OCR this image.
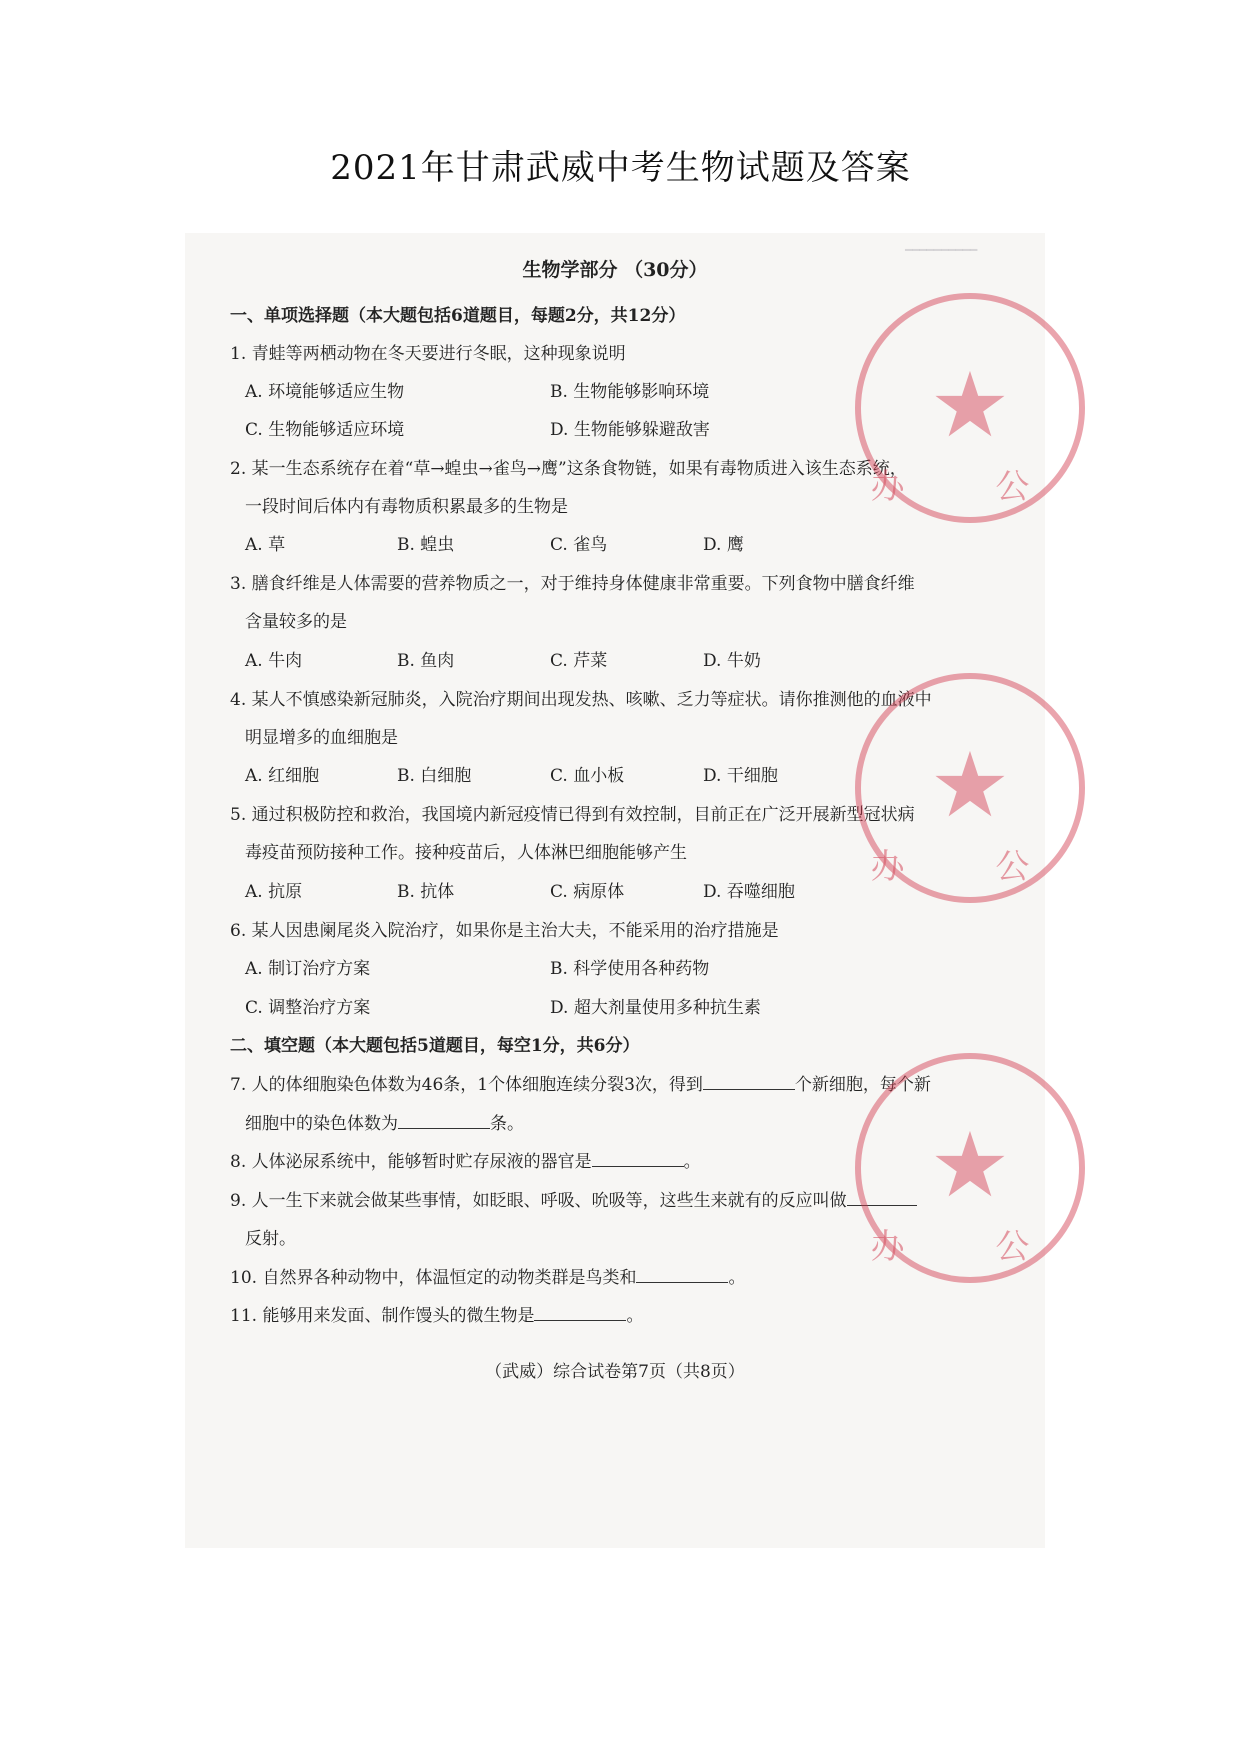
2021年甘肃武威中考生物试题及答案
━━━━━━━━━━
生物学部分 （30分）
一、单项选择题（本大题包括6道题目，每题2分，共12分）
1. 青蛙等两栖动物在冬天要进行冬眠，这种现象说明
A. 环境能够适应生物	B. 生物能够影响环境
C. 生物能够适应环境	D. 生物能够躲避敌害
2. 某一生态系统存在着“草→蝗虫→雀鸟→鹰”这条食物链，如果有毒物质进入该生态系统，
一段时间后体内有毒物质积累最多的生物是
A. 草	B. 蝗虫	C. 雀鸟	D. 鹰
3. 膳食纤维是人体需要的营养物质之一，对于维持身体健康非常重要。下列食物中膳食纤维
含量较多的是
A. 牛肉	B. 鱼肉	C. 芹菜	D. 牛奶
4. 某人不慎感染新冠肺炎，入院治疗期间出现发热、咳嗽、乏力等症状。请你推测他的血液中
明显增多的血细胞是
A. 红细胞	B. 白细胞	C. 血小板	D. 干细胞
5. 通过积极防控和救治，我国境内新冠疫情已得到有效控制，目前正在广泛开展新型冠状病
毒疫苗预防接种工作。接种疫苗后，人体淋巴细胞能够产生
A. 抗原	B. 抗体	C. 病原体	D. 吞噬细胞
6. 某人因患阑尾炎入院治疗，如果你是主治大夫，不能采用的治疗措施是
A. 制订治疗方案	B. 科学使用各种药物
C. 调整治疗方案	D. 超大剂量使用多种抗生素
二、填空题（本大题包括5道题目，每空1分，共6分）
7. 人的体细胞染色体数为46条，1个体细胞连续分裂3次，得到	个新细胞，每个新
细胞中的染色体数为	条。
8. 人体泌尿系统中，能够暂时贮存尿液的器官是	。
9. 人一生下来就会做某些事情，如眨眼、呼吸、吮吸等，这些生来就有的反应叫做
反射。
10. 自然界各种动物中，体温恒定的动物类群是鸟类和	。
11. 能够用来发面、制作馒头的微生物是	。
（武威）综合试卷第7页（共8页）
★
办 公
★
办 公
★
办 公
